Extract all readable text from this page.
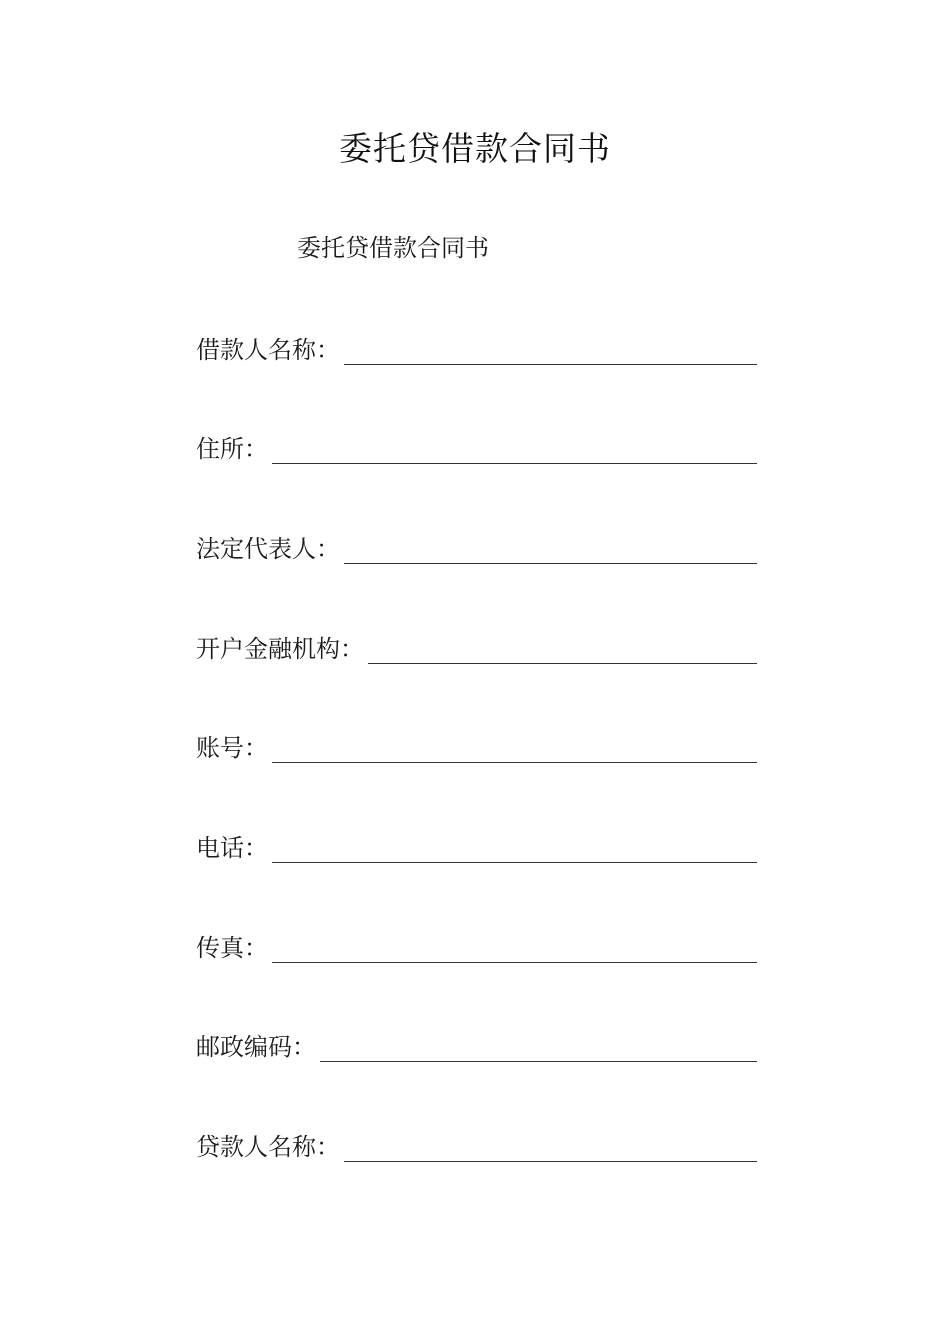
委托贷借款合同书
委托贷借款合同书
借款人名称：
住所：
法定代表人：
开户金融机构：
账号：
电话：
传真：
邮政编码：
贷款人名称：
